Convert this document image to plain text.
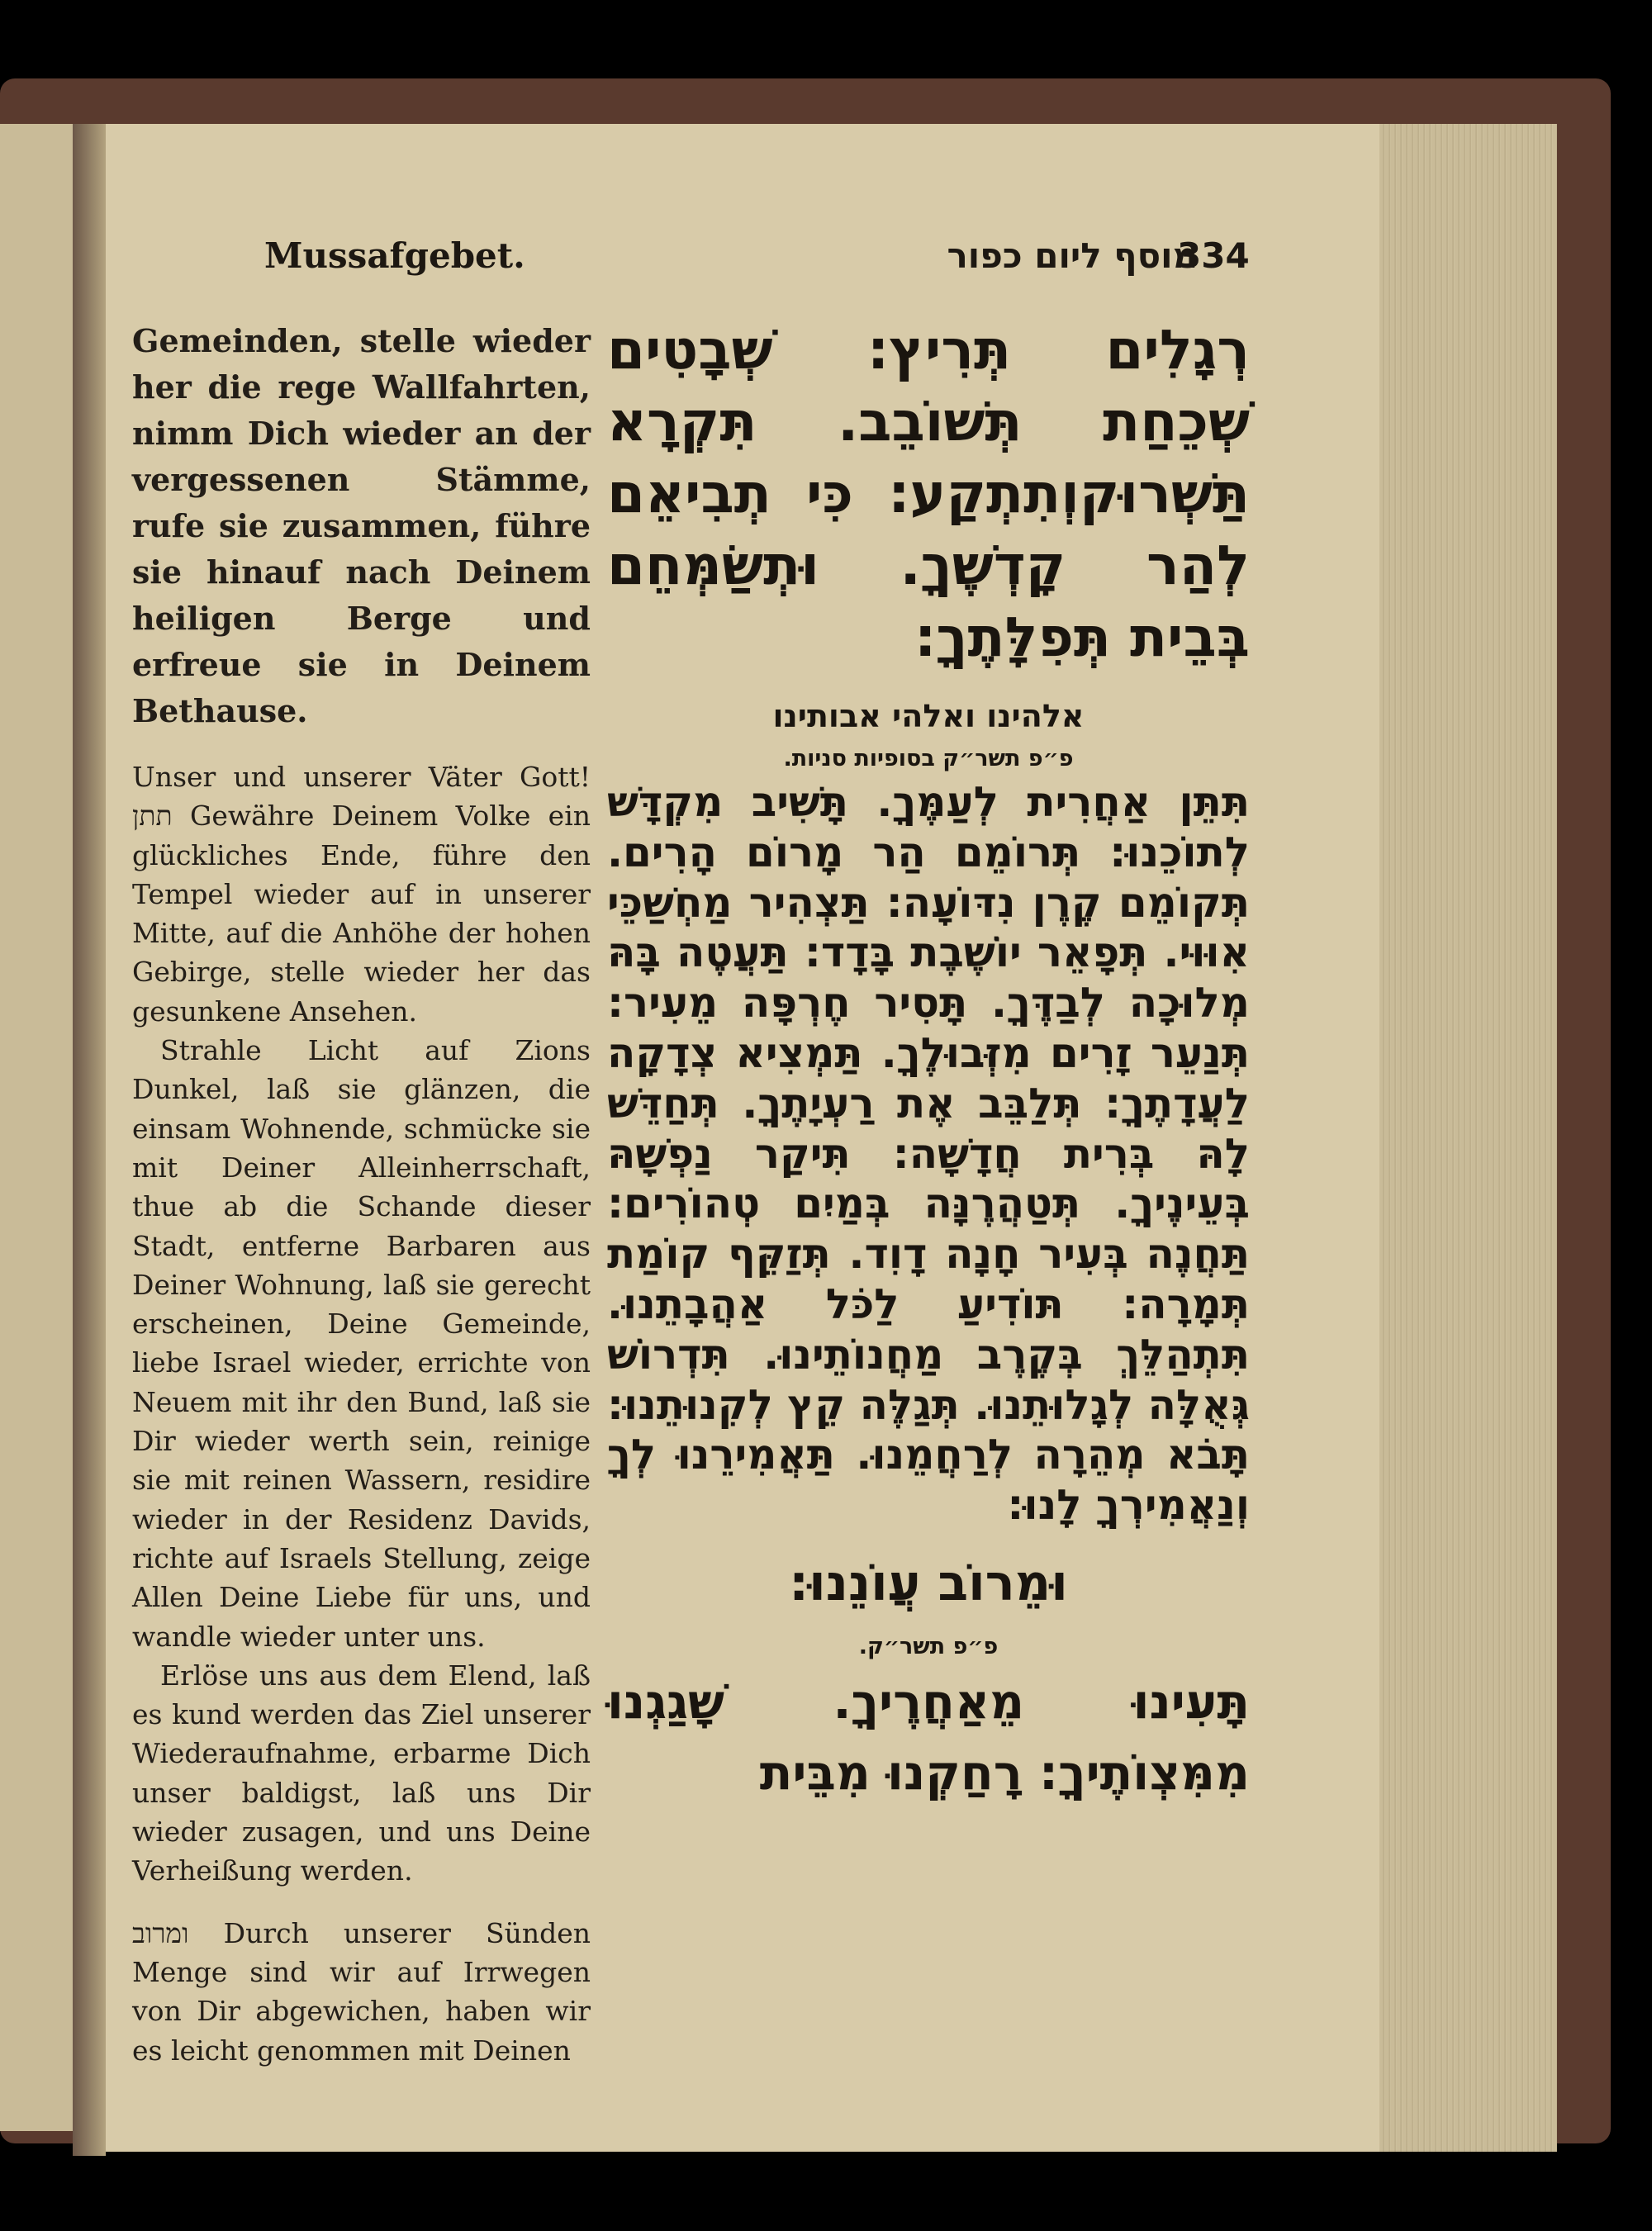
Mussafgebet.	מוסף ליום כפור
334

Gemeinden, stelle wieder her die rege Wallfahrten, nimm Dich wieder an der vergessenen Stämme, rufe sie zusammen, führe sie hinauf nach Deinem heiligen Berge und erfreue sie in Deinem Bethause.

Unser und unserer Väter Gott! תתן Gewähre Deinem Volke ein glückliches Ende, führe den Tempel wieder auf in unserer Mitte, auf die Anhöhe der hohen Gebirge, stelle wieder her das gesunkene Ansehen.

Strahle Licht auf Zions Dunkel, laß sie glänzen, die einsam Wohnende, schmücke sie mit Deiner Alleinherrschaft, thue ab die Schande dieser Stadt, entferne Barbaren aus Deiner Wohnung, laß sie gerecht erscheinen, Deine Gemeinde, liebe Israel wieder, errichte von Neuem mit ihr den Bund, laß sie Dir wieder werth sein, reinige sie mit reinen Wassern, residire wieder in der Residenz Davids, richte auf Israels Stellung, zeige Allen Deine Liebe für uns, und wandle wieder unter uns.

Erlöse uns aus dem Elend, laß es kund werden das Ziel unserer Wiederaufnahme, erbarme Dich unser baldigst, laß uns Dir wieder zusagen, und uns Deine Verheißung werden.

ומרוב Durch unserer Sünden Menge sind wir auf Irrwegen von Dir abgewichen, haben wir es leicht genommen mit Deinen

רְגָלִים תְּרִיץ: שְׁבָטִים שְׁכֵחַת תְּשׁוֹבֵב. תִּקְרָא תַּשְׁרוּקוְתִתְקַע: כִּי תְבִיאֵם לְהַר קָדְשֶׁךָ. וּתְשַׂמְּחֵם בְּבֵית תְּפִלָּתֶךָ:

אלהינו ואלהי אבותינו

פ״פ תשר״ק בסופיות סניות.

תִּתֵּן אַחֲרִית לְעַמֶּךָ. תָּשִׁיב מִקְדָּשׁ לְתוֹכֵנוּ: תְּרוֹמֵם הַר מָרוֹם הָרִים. תְּקוֹמֵם קֶרֶן נִדּוֹעָה: תַּצְהִיר מַחְשַׁכֵּי אִוּוּי. תְּפָאֵר יוֹשֶׁבֶת בָּדָד: תַּעֲטֶה בָּהּ מְלוּכָה לְבַדֶּךָ. תָּסִיר חֶרְפָּה מֵעִיר: תְּנַעֵר זָרִים מִזְּבוּלֶךָ. תַּמְצִיא צְדָקָה לַעֲדָתֶךָ: תְּלַבֵּב אֶת רַעְיָתֶךָ. תְּחַדֵּשׁ לָהּ בְּרִית חֲדָשָׁה: תִּיקַר נַפְשָׁהּ בְּעֵינֶיךָ. תְּטַהֲרֶנָּה בְּמַיִם טְהוֹרִים: תַּחֲנֶה בְּעִיר חָנָה דָוִד. תְּזַקֵּף קוֹמַת תְּמָרָה: תּוֹדִיעַ לַכֹּל אַהֲבָתֵנוּ. תִּתְהַלֵּךְ בְּקֶרֶב מַחֲנוֹתֵינוּ. תִּדְרוֹשׁ גְּאֻלָּה לְגָלוּתֵנוּ. תְּגַלֶּה קֵץ לְקִנוּתֵנוּ: תָּבֹא מְהֵרָה לְרַחֲמֵנוּ. תַּאֲמִירֵנוּ לְךָ וְנַאֲמִירְךָ לָנוּ:

וּמֵרוֹב עֲוֹנֵנוּ:

פ״פ תשר״ק.

תָּעִינוּ מֵאַחֲרֶיךָ. שָׁגַגְנוּ מִמִּצְוֹתֶיךָ: רָחַקְנוּ מִבֵּית
